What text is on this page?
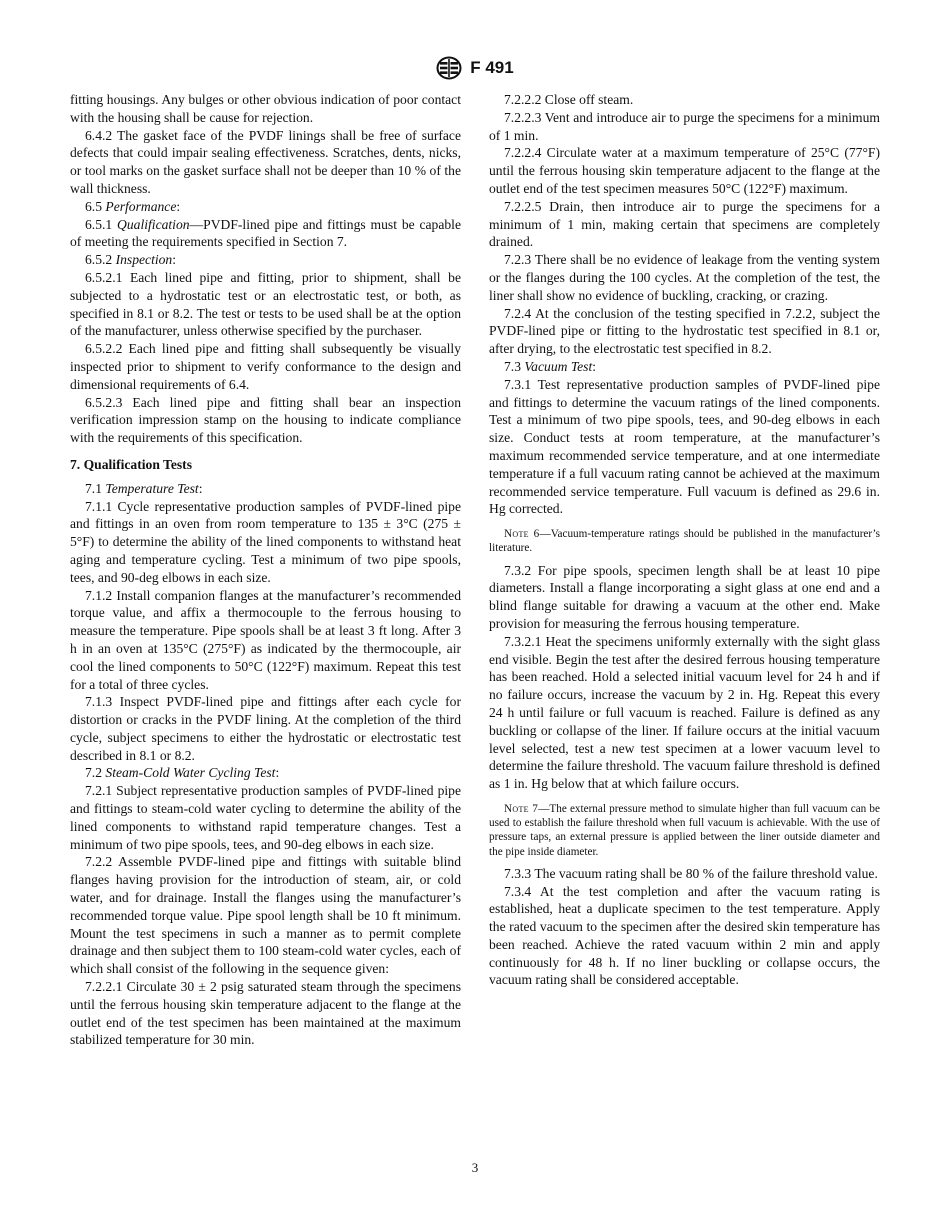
F 491

fitting housings. Any bulges or other obvious indication of poor contact with the housing shall be cause for rejection.

6.4.2 The gasket face of the PVDF linings shall be free of surface defects that could impair sealing effectiveness. Scratches, dents, nicks, or tool marks on the gasket surface shall not be deeper than 10 % of the wall thickness.

6.5 Performance:

6.5.1 Qualification—PVDF-lined pipe and fittings must be capable of meeting the requirements specified in Section 7.

6.5.2 Inspection:

6.5.2.1 Each lined pipe and fitting, prior to shipment, shall be subjected to a hydrostatic test or an electrostatic test, or both, as specified in 8.1 or 8.2. The test or tests to be used shall be at the option of the manufacturer, unless otherwise specified by the purchaser.

6.5.2.2 Each lined pipe and fitting shall subsequently be visually inspected prior to shipment to verify conformance to the design and dimensional requirements of 6.4.

6.5.2.3 Each lined pipe and fitting shall bear an inspection verification impression stamp on the housing to indicate compliance with the requirements of this specification.

7. Qualification Tests

7.1 Temperature Test:

7.1.1 Cycle representative production samples of PVDF-lined pipe and fittings in an oven from room temperature to 135 ± 3°C (275 ± 5°F) to determine the ability of the lined components to withstand heat aging and temperature cycling. Test a minimum of two pipe spools, tees, and 90-deg elbows in each size.

7.1.2 Install companion flanges at the manufacturer’s recommended torque value, and affix a thermocouple to the ferrous housing to measure the temperature. Pipe spools shall be at least 3 ft long. After 3 h in an oven at 135°C (275°F) as indicated by the thermocouple, air cool the lined components to 50°C (122°F) maximum. Repeat this test for a total of three cycles.

7.1.3 Inspect PVDF-lined pipe and fittings after each cycle for distortion or cracks in the PVDF lining. At the completion of the third cycle, subject specimens to either the hydrostatic or electrostatic test described in 8.1 or 8.2.

7.2 Steam-Cold Water Cycling Test:

7.2.1 Subject representative production samples of PVDF-lined pipe and fittings to steam-cold water cycling to determine the ability of the lined components to withstand rapid temperature changes. Test a minimum of two pipe spools, tees, and 90-deg elbows in each size.

7.2.2 Assemble PVDF-lined pipe and fittings with suitable blind flanges having provision for the introduction of steam, air, or cold water, and for drainage. Install the flanges using the manufacturer’s recommended torque value. Pipe spool length shall be 10 ft minimum. Mount the test specimens in such a manner as to permit complete drainage and then subject them to 100 steam-cold water cycles, each of which shall consist of the following in the sequence given:

7.2.2.1 Circulate 30 ± 2 psig saturated steam through the specimens until the ferrous housing skin temperature adjacent to the flange at the outlet end of the test specimen has been maintained at the maximum stabilized temperature for 30 min.

7.2.2.2 Close off steam.

7.2.2.3 Vent and introduce air to purge the specimens for a minimum of 1 min.

7.2.2.4 Circulate water at a maximum temperature of 25°C (77°F) until the ferrous housing skin temperature adjacent to the flange at the outlet end of the test specimen measures 50°C (122°F) maximum.

7.2.2.5 Drain, then introduce air to purge the specimens for a minimum of 1 min, making certain that specimens are completely drained.

7.2.3 There shall be no evidence of leakage from the venting system or the flanges during the 100 cycles. At the completion of the test, the liner shall show no evidence of buckling, cracking, or crazing.

7.2.4 At the conclusion of the testing specified in 7.2.2, subject the PVDF-lined pipe or fitting to the hydrostatic test specified in 8.1 or, after drying, to the electrostatic test specified in 8.2.

7.3 Vacuum Test:

7.3.1 Test representative production samples of PVDF-lined pipe and fittings to determine the vacuum ratings of the lined components. Test a minimum of two pipe spools, tees, and 90-deg elbows in each size. Conduct tests at room temperature, at the manufacturer’s maximum recommended service temperature, and at one intermediate temperature if a full vacuum rating cannot be achieved at the maximum recommended service temperature. Full vacuum is defined as 29.6 in. Hg corrected.

Note 6—Vacuum-temperature ratings should be published in the manufacturer’s literature.

7.3.2 For pipe spools, specimen length shall be at least 10 pipe diameters. Install a flange incorporating a sight glass at one end and a blind flange suitable for drawing a vacuum at the other end. Make provision for measuring the ferrous housing temperature.

7.3.2.1 Heat the specimens uniformly externally with the sight glass end visible. Begin the test after the desired ferrous housing temperature has been reached. Hold a selected initial vacuum level for 24 h and if no failure occurs, increase the vacuum by 2 in. Hg. Repeat this every 24 h until failure or full vacuum is reached. Failure is defined as any buckling or collapse of the liner. If failure occurs at the initial vacuum level selected, test a new test specimen at a lower vacuum level to determine the failure threshold. The vacuum failure threshold is defined as 1 in. Hg below that at which failure occurs.

Note 7—The external pressure method to simulate higher than full vacuum can be used to establish the failure threshold when full vacuum is achievable. With the use of pressure taps, an external pressure is applied between the liner outside diameter and the pipe inside diameter.

7.3.3 The vacuum rating shall be 80 % of the failure threshold value.

7.3.4 At the test completion and after the vacuum rating is established, heat a duplicate specimen to the test temperature. Apply the rated vacuum to the specimen after the desired skin temperature has been reached. Achieve the rated vacuum within 2 min and apply continuously for 48 h. If no liner buckling or collapse occurs, the vacuum rating shall be considered acceptable.

3
